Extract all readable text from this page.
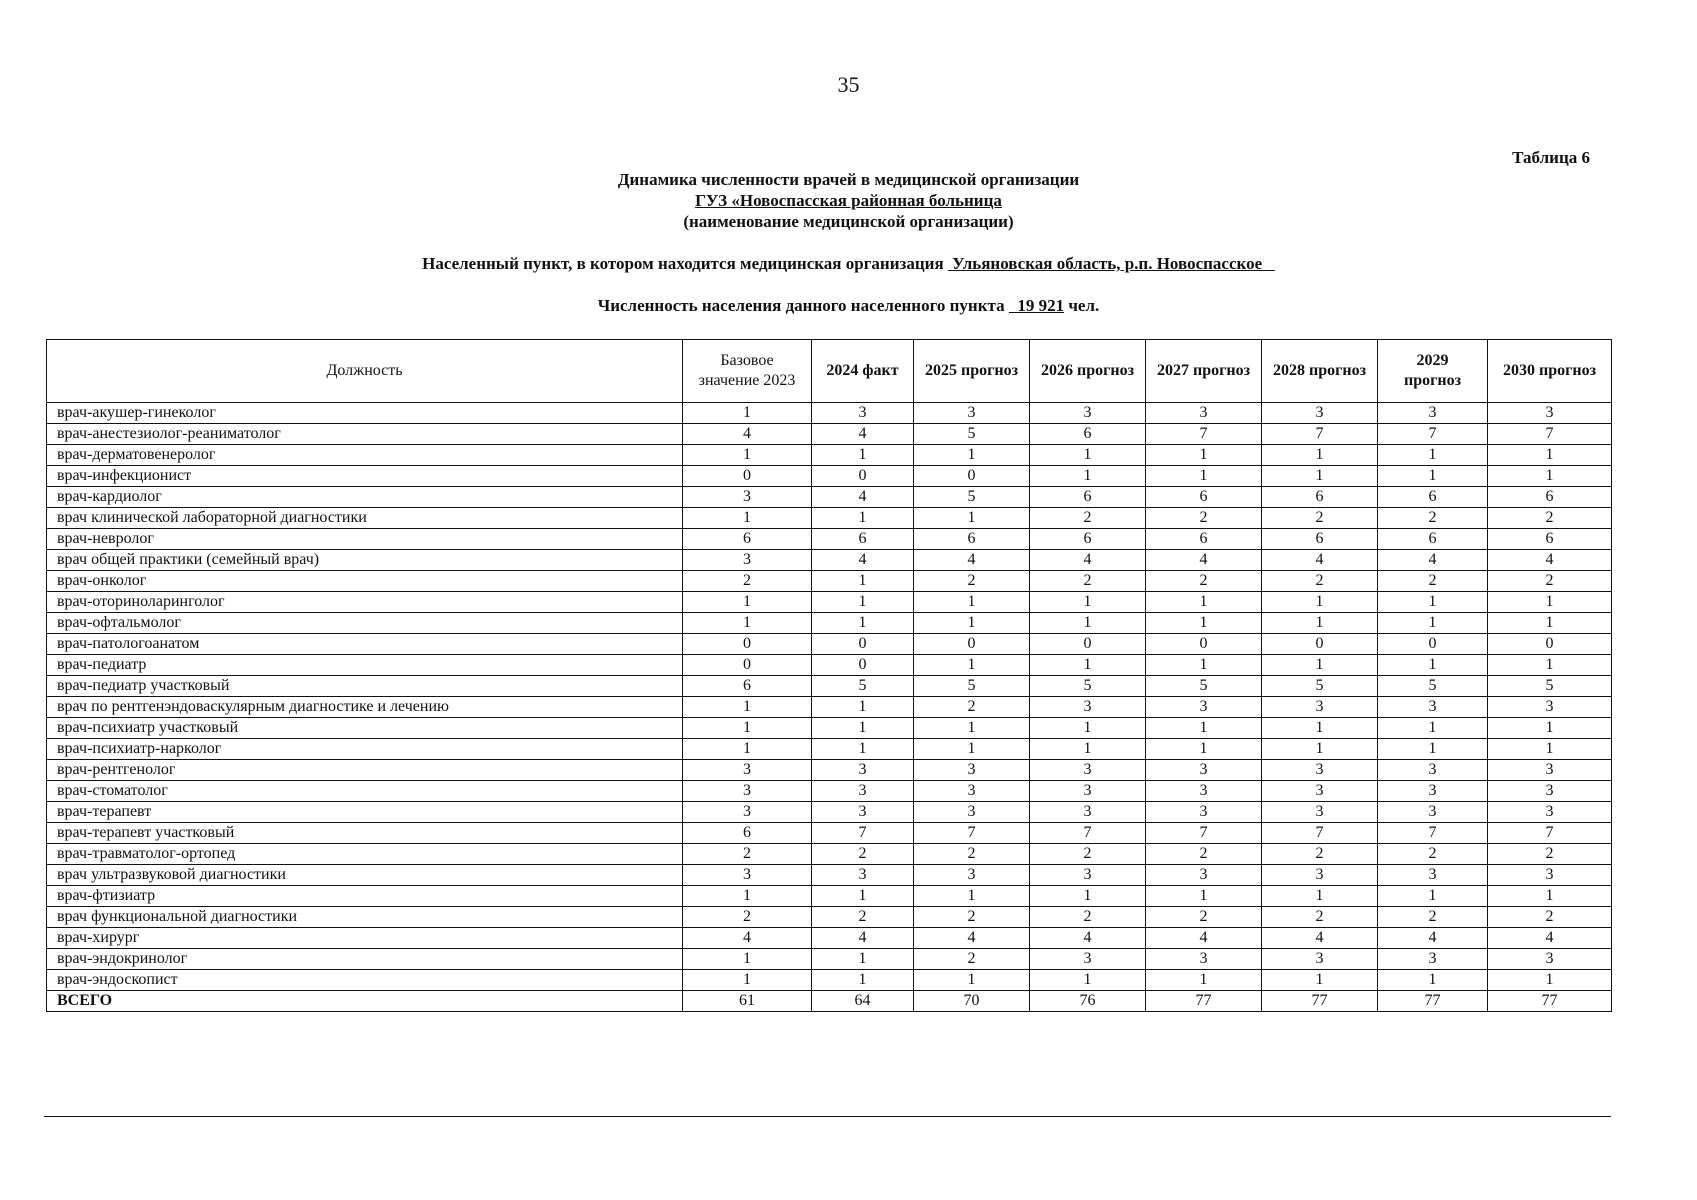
35
Таблица 6
Динамика численности врачей в медицинской организации
ГУЗ «Новоспасская районная больница
(наименование медицинской организации)
Населенный пункт, в котором находится медицинская организация Ульяновская область, р.п. Новоспасское
Численность населения данного населенного пункта 19 921 чел.
Должность	Базовое значение 2023	2024 факт	2025 прогноз	2026 прогноз	2027 прогноз	2028 прогноз	2029 прогноз	2030 прогноз
врач-акушер-гинеколог	1	3	3	3	3	3	3	3
врач-анестезиолог-реаниматолог	4	4	5	6	7	7	7	7
врач-дерматовенеролог	1	1	1	1	1	1	1	1
врач-инфекционист	0	0	0	1	1	1	1	1
врач-кардиолог	3	4	5	6	6	6	6	6
врач клинической лабораторной диагностики	1	1	1	2	2	2	2	2
врач-невролог	6	6	6	6	6	6	6	6
врач общей практики (семейный врач)	3	4	4	4	4	4	4	4
врач-онколог	2	1	2	2	2	2	2	2
врач-оториноларинголог	1	1	1	1	1	1	1	1
врач-офтальмолог	1	1	1	1	1	1	1	1
врач-патологоанатом	0	0	0	0	0	0	0	0
врач-педиатр	0	0	1	1	1	1	1	1
врач-педиатр участковый	6	5	5	5	5	5	5	5
врач по рентгенэндоваскулярным диагностике и лечению	1	1	2	3	3	3	3	3
врач-психиатр участковый	1	1	1	1	1	1	1	1
врач-психиатр-нарколог	1	1	1	1	1	1	1	1
врач-рентгенолог	3	3	3	3	3	3	3	3
врач-стоматолог	3	3	3	3	3	3	3	3
врач-терапевт	3	3	3	3	3	3	3	3
врач-терапевт участковый	6	7	7	7	7	7	7	7
врач-травматолог-ортопед	2	2	2	2	2	2	2	2
врач ультразвуковой диагностики	3	3	3	3	3	3	3	3
врач-фтизиатр	1	1	1	1	1	1	1	1
врач функциональной диагностики	2	2	2	2	2	2	2	2
врач-хирург	4	4	4	4	4	4	4	4
врач-эндокринолог	1	1	2	3	3	3	3	3
врач-эндоскопист	1	1	1	1	1	1	1	1
ВСЕГО	61	64	70	76	77	77	77	77
